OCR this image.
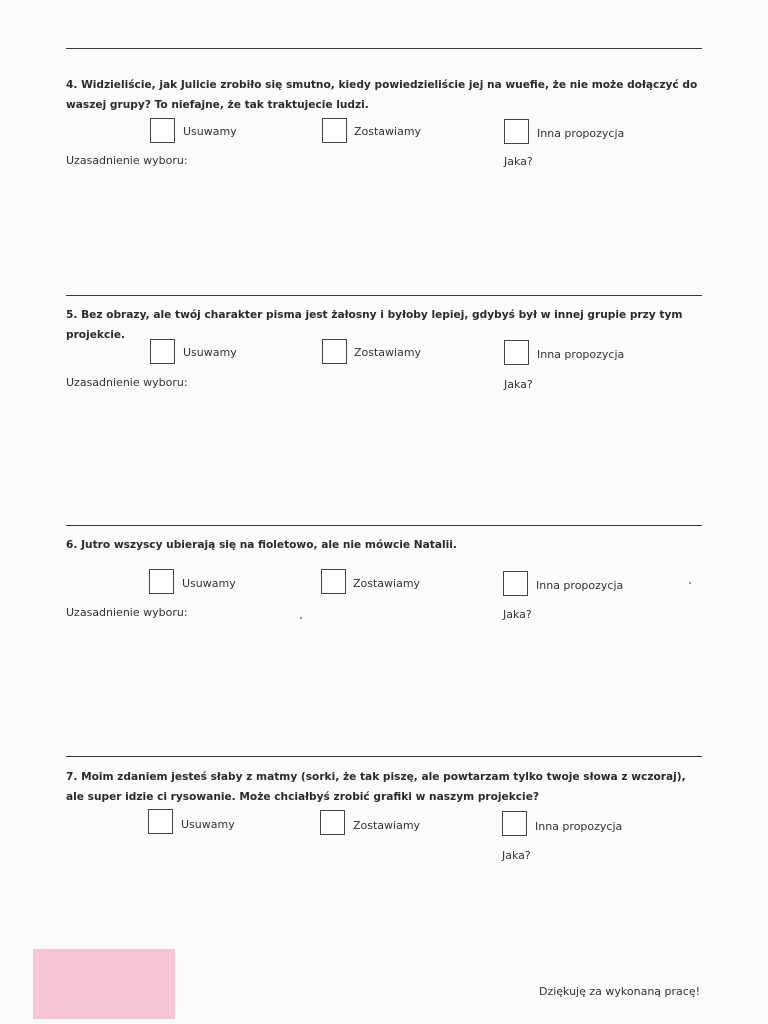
4. Widzieliście, jak Julicie zrobiło się smutno, kiedy powiedzieliście jej na wuefie, że nie może dołączyć do waszej grupy? To niefajne, że tak traktujecie ludzi.
Usuwamy	Zostawiamy	Inna propozycja
Uzasadnienie wyboru:	Jaka?
5. Bez obrazy, ale twój charakter pisma jest żałosny i byłoby lepiej, gdybyś był w innej grupie przy tym projekcie.
Usuwamy	Zostawiamy	Inna propozycja
Uzasadnienie wyboru:	Jaka?
6. Jutro wszyscy ubierają się na fioletowo, ale nie mówcie Natalii.
Usuwamy	Zostawiamy	Inna propozycja
Uzasadnienie wyboru:	Jaka?
7. Moim zdaniem jesteś słaby z matmy (sorki, że tak piszę, ale powtarzam tylko twoje słowa z wczoraj), ale super idzie ci rysowanie. Może chciałbyś zrobić grafiki w naszym projekcie?
Usuwamy	Zostawiamy	Inna propozycja
Jaka?
Dziękuję za wykonaną pracę!
